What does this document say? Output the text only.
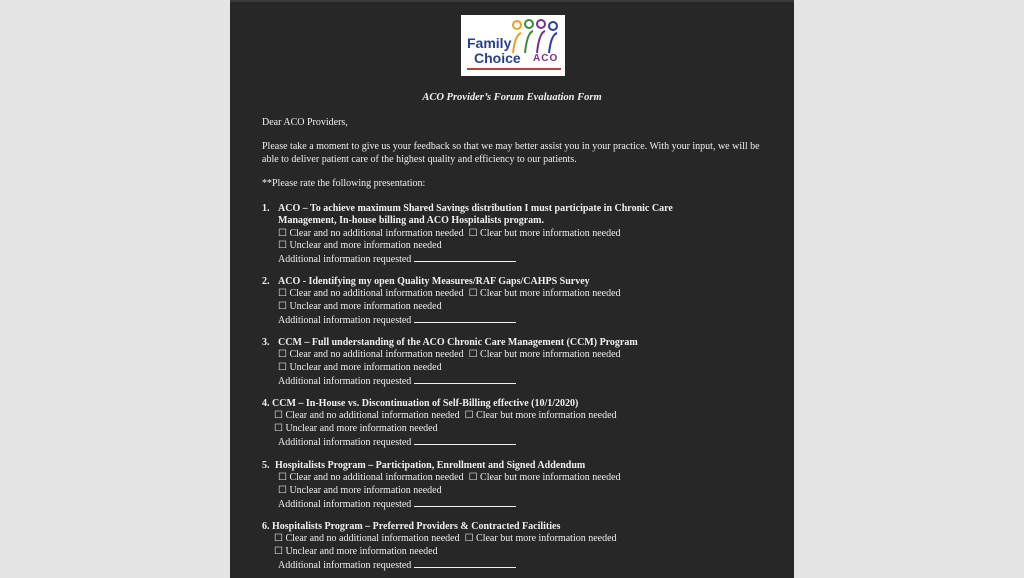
Family
Choice ACO
ACO Provider’s Forum Evaluation Form
Dear ACO Providers,
Please take a moment to give us your feedback so that we may better assist you in your practice. With your input, we will be able to deliver patient care of the highest quality and efficiency to our patients.
**Please rate the following presentation:
1. ACO – To achieve maximum Shared Savings distribution I must participate in Chronic Care
Management, In-house billing and ACO Hospitalists program.
☐ Clear and no additional information needed ☐ Clear but more information needed
☐ Unclear and more information needed
Additional information requested
2. ACO - Identifying my open Quality Measures/RAF Gaps/CAHPS Survey
☐ Clear and no additional information needed ☐ Clear but more information needed
☐ Unclear and more information needed
Additional information requested
3. CCM – Full understanding of the ACO Chronic Care Management (CCM) Program
☐ Clear and no additional information needed ☐ Clear but more information needed
☐ Unclear and more information needed
Additional information requested
4. CCM – In-House vs. Discontinuation of Self-Billing effective (10/1/2020)
☐ Clear and no additional information needed ☐ Clear but more information needed
☐ Unclear and more information needed
Additional information requested
5. Hospitalists Program – Participation, Enrollment and Signed Addendum
☐ Clear and no additional information needed ☐ Clear but more information needed
☐ Unclear and more information needed
Additional information requested
6. Hospitalists Program – Preferred Providers & Contracted Facilities
☐ Clear and no additional information needed ☐ Clear but more information needed
☐ Unclear and more information needed
Additional information requested
